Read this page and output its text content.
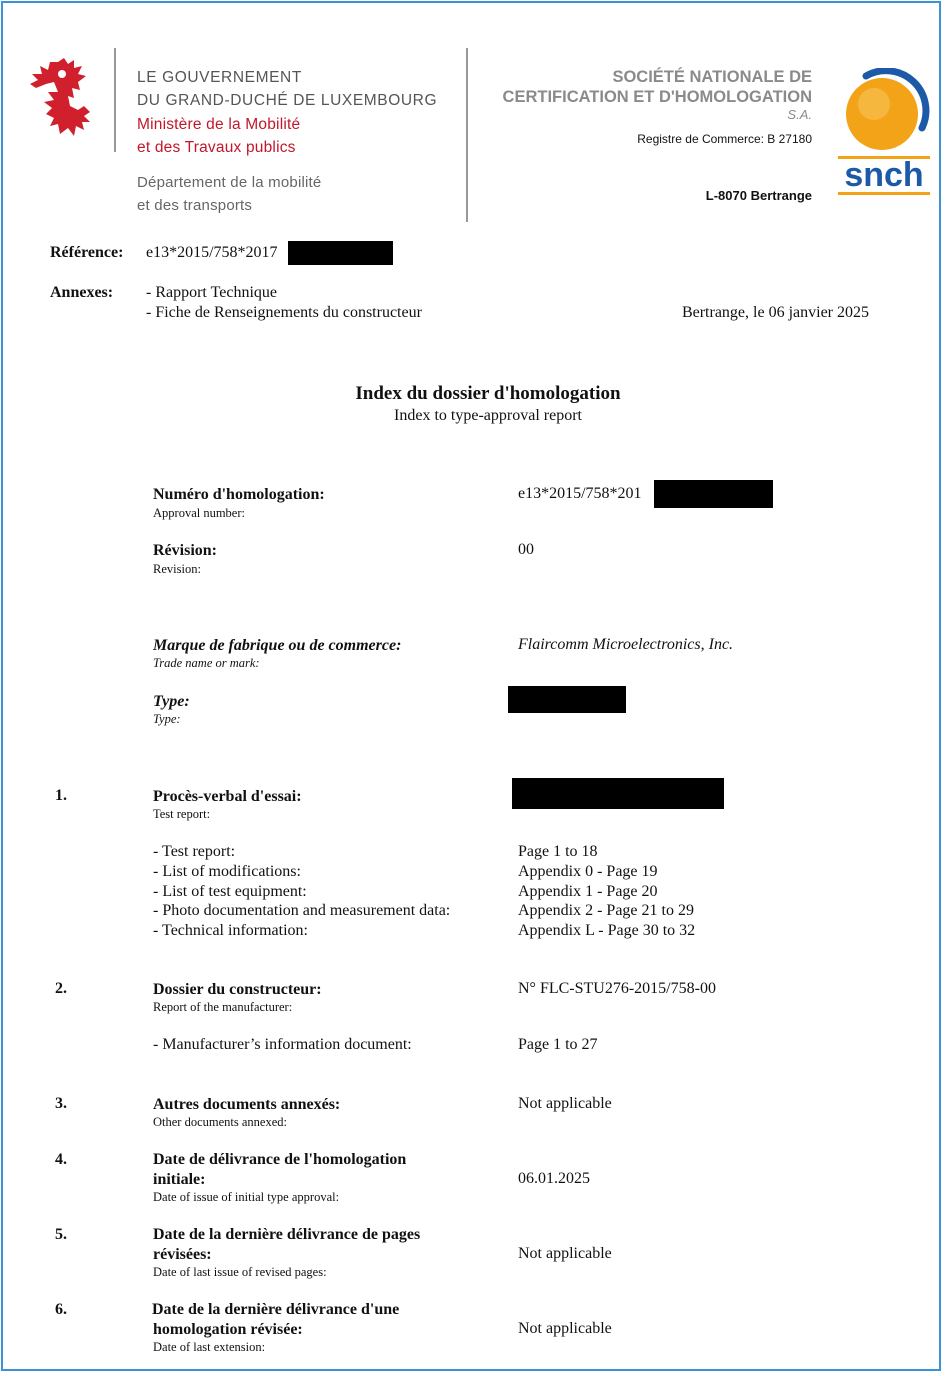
LE GOUVERNEMENT
DU GRAND-DUCHÉ DE LUXEMBOURG
Ministère de la Mobilité
et des Travaux publics
Département de la mobilité
et des transports
SOCIÉTÉ NATIONALE DE
CERTIFICATION ET D'HOMOLOGATION
S.A.
Registre de Commerce: B 27180
L-8070 Bertrange
snch
Référence: e13*2015/758*2017
Annexes: - Rapport Technique
- Fiche de Renseignements du constructeur	Bertrange, le 06 janvier 2025
Index du dossier d'homologation
Index to type-approval report
Numéro d'homologation:
Approval number:
e13*2015/758*201
Révision:
Revision:
00
Marque de fabrique ou de commerce:
Trade name or mark:
Flaircomm Microelectronics, Inc.
Type:
Type:
1.	Procès-verbal d'essai:
Test report:
- Test report:	Page 1 to 18
- List of modifications:	Appendix 0 - Page 19
- List of test equipment:	Appendix 1 - Page 20
- Photo documentation and measurement data:	Appendix 2 - Page 21 to 29
- Technical information:	Appendix L - Page 30 to 32
2.	Dossier du constructeur:
Report of the manufacturer:
N° FLC-STU276-2015/758-00
- Manufacturer’s information document:	Page 1 to 27
3.	Autres documents annexés:
Other documents annexed:
Not applicable
4.	Date de délivrance de l'homologation
initiale:
Date of issue of initial type approval:
06.01.2025
5.	Date de la dernière délivrance de pages
révisées:
Date of last issue of revised pages:
Not applicable
6.	Date de la dernière délivrance d'une
homologation révisée:
Date of last extension:
Not applicable
